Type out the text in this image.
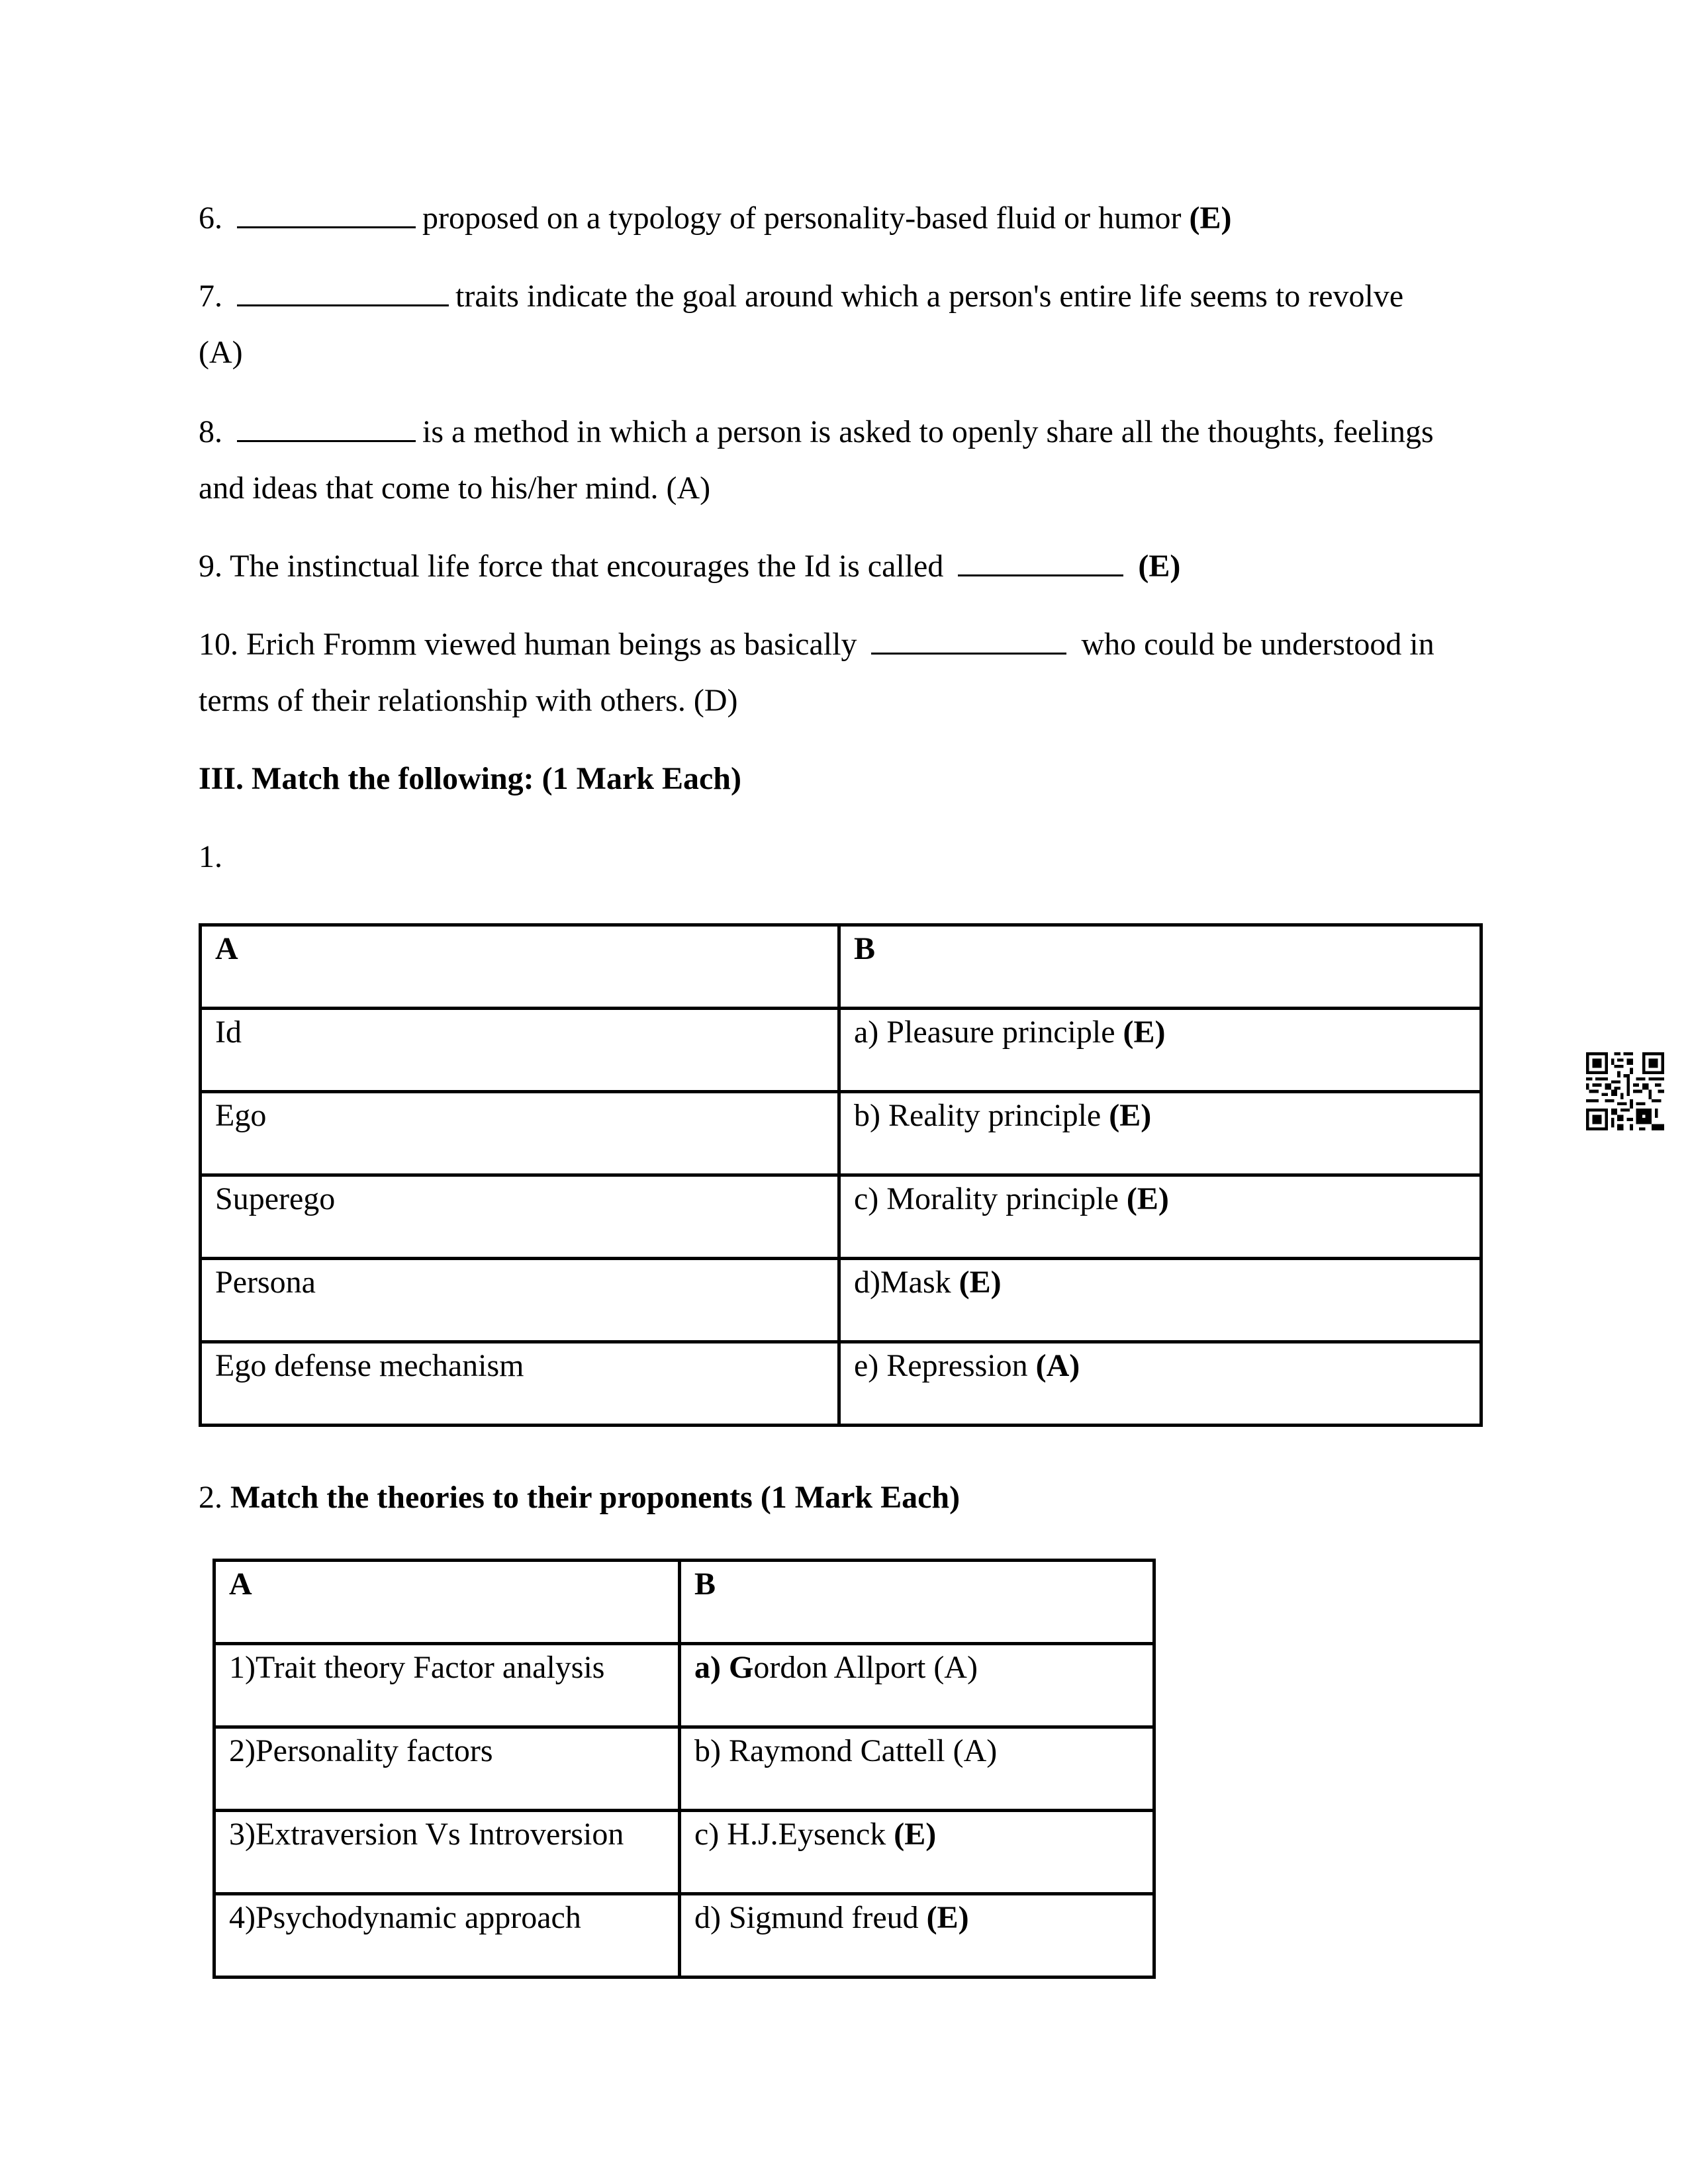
6.	proposed on a typology of personality-based fluid or humor (E)
7.	traits indicate the goal around which a person's entire life seems to revolve
(A)
8.	is a method in which a person is asked to openly share all the thoughts, feelings
and ideas that come to his/her mind. (A)
9. The instinctual life force that encourages the Id is called	(E)
10. Erich Fromm viewed human beings as basically	who could be understood in
terms of their relationship with others. (D)
III. Match the following: (1 Mark Each)
1.
A	B
Id	a) Pleasure principle (E)
Ego	b) Reality principle (E)
Superego	c) Morality principle (E)
Persona	d)Mask (E)
Ego defense mechanism	e) Repression (A)
2. Match the theories to their proponents (1 Mark Each)
A	B
1)Trait theory Factor analysis	a) Gordon Allport (A)
2)Personality factors	b) Raymond Cattell (A)
3)Extraversion Vs Introversion	c) H.J.Eysenck (E)
4)Psychodynamic approach	d) Sigmund freud (E)
